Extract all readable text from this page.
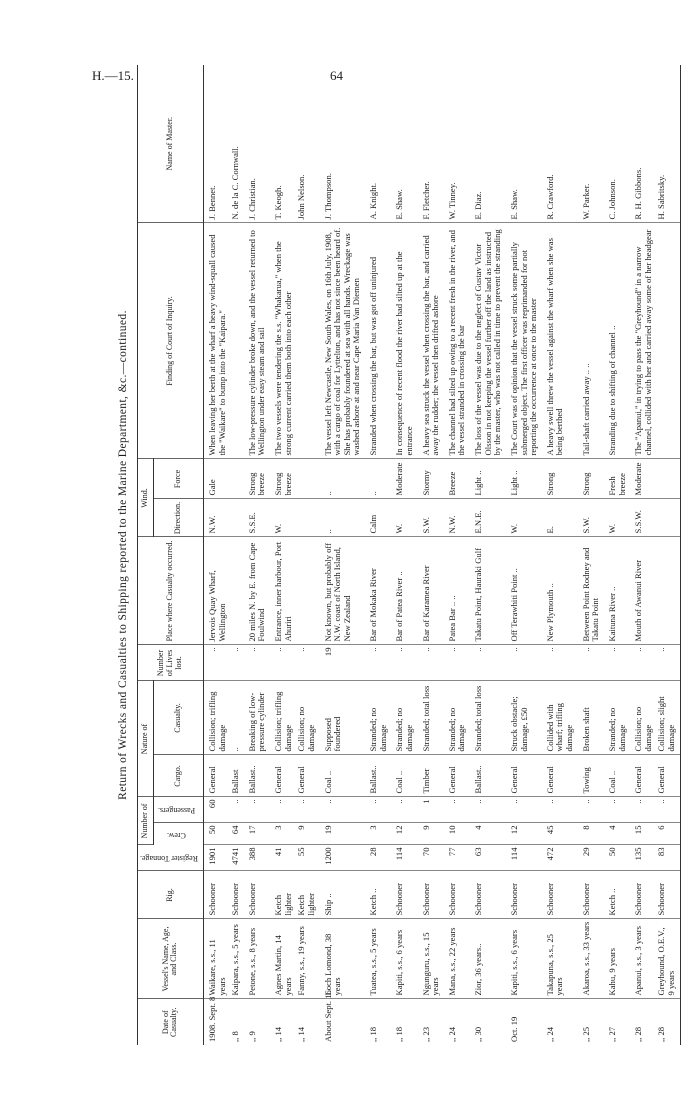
H.—15.	64
Return of Wrecks and Casualties to Shipping reported to the Marine Department, &c.—continued.
Date of Casualty.	Vessel's Name, Age, and Class.	Rig.	Register Tonnage.	Number of		Nature of		Number of Lives lost.	Place where Casualty occurred.	Wind.		Finding of Court of Inquiry.	Name of Master.
				Crew.	Passengers.	Cargo.	Casualty.			Direction.	Force		
1908. Sept. 8	Waikare, s.s., 11 years	Schooner	1901	50	60	General	Collision; trifling damage	..	Jervois Quay Wharf, Wellington	N.W.	Gale	When leaving her berth at the wharf a heavy wind-squall caused the "Waikare" to bump into the "Kaipara."	J. Bennet.
,, 8	Kaipara, s.s., 5 years	Schooner	4741	64	..	Ballast	..	..					N. de la C. Cornwall.
,, 9	Petone, s.s., 8 years	Schooner	388	17	..	Ballast..	Breaking of low-pressure cylinder	..	20 miles N. by E. from Cape Foulwind	S.S.E.	Strong breeze	The low-pressure cylinder broke down, and the vessel returned to Wellington under easy steam and sail	J. Christian.
,, 14	Agnes Martin, 14 years	Ketch lighter	41	3	..	General	Collision; trifling damage	..	Entrance, inner harbour, Port Ahuriri	W.	Strong breeze	The two vessels were tendering the s.s. "Whakarua," when the strong current carried them both into each other	T. Keogh.
,, 14	Fanny, s.s., 19 years	Ketch lighter	55	9	..	General	Collision; no damage	..					John Nelson.
About Sept. 16	Loch Lomond, 38 years	Ship ..	1200	19	..	Coal ..	Supposed foundered	19	Not known, but probably off N.W. coast of North Island, New Zealand	..	..	The vessel left Newcastle, New South Wales, on 16th July, 1908, with a cargo of coal for Lyttelton, and has not since been heard of. She has probably foundered at sea with all hands. Wreckage was washed ashore at and near Cape Maria Van Diemen	J. Thompson.
,, 18	Tuatea, s.s., 5 years	Ketch ..	28	3	..	Ballast..	Stranded; no damage	..	Bar of Mokaka River	Calm	..	Stranded when crossing the bar, but was got off uninjured	A. Knight.
,, 18	Kapiti, s.s., 6 years	Schooner	114	12	..	Coal ..	Stranded; no damage	..	Bar of Patea River ..	W.	Moderate	In consequence of recent flood the river had silted up at the entrance	E. Shaw.
,, 23	Ngunguru, s.s., 15 years	Schooner	70	9	1	Timber	Stranded; total loss	..	Bar of Karamea River	S.W.	Stormy	A heavy sea struck the vessel when crossing the bar, and carried away the rudder; the vessel then drifted ashore	F. Fletcher.
,, 24	Mana, s.s., 22 years	Schooner	77	10	..	General	Stranded; no damage	..	Patea Bar .. ..	N.W.	Breeze	The channel had silted up owing to a recent fresh in the river, and the vessel stranded in crossing the bar	W. Tinney.
,, 30	Zior, 36 years..	Schooner	63	4	..	Ballast..	Stranded; total loss	..	Takatu Point, Hauraki Gulf	E.N.E.	Light ..	The loss of the vessel was due to the neglect of Gustav Victor Olsson in not keeping the vessel further off the land as instructed by the master, who was not called in time to prevent the stranding	E. Diaz.
Oct. 19	Kapiti, s.s., 6 years	Schooner	114	12	..	General	Struck obstacle; damage, £50	..	Off Terawhiti Point ..	W.	Light ..	The Court was of opinion that the vessel struck some partially submerged object. The first officer was reprimanded for not reporting the occurrence at once to the master	E. Shaw.
,, 24	Takapuna, s.s., 25 years	Schooner	472	45	..	General	Collided with wharf; trifling damage	..	New Plymouth ..	E.	Strong	A heavy swell threw the vessel against the wharf when she was being berthed	R. Crawford.
,, 25	Akaroa, s.s., 33 years	Schooner	29	8	..	Towing	Broken shaft	..	Between Point Rodney and Takatu Point	S.W.	Strong	Tail-shaft carried away .. ..	W. Parker.
,, 27	Kahu, 9 years	Ketch ..	50	4	..	Coal ..	Stranded; no damage	..	Kaituna River ..	W.	Fresh breeze	Stranding due to shifting of channel ..	C. Johnson.
,, 28	Apanui, s.s., 3 years	Schooner	135	15	..	General	Collision; no damage	..	Mouth of Awanui River	S.S.W.	Moderate	The "Apanui," in trying to pass the "Greyhound" in a narrow channel, collided with her and carried away some of her headgear	R. H. Gibbons.
,, 28	Greyhound, O.E.V., 9 years	Schooner	83	6	..	General	Collision; slight damage	..					H. Sabritsky.
